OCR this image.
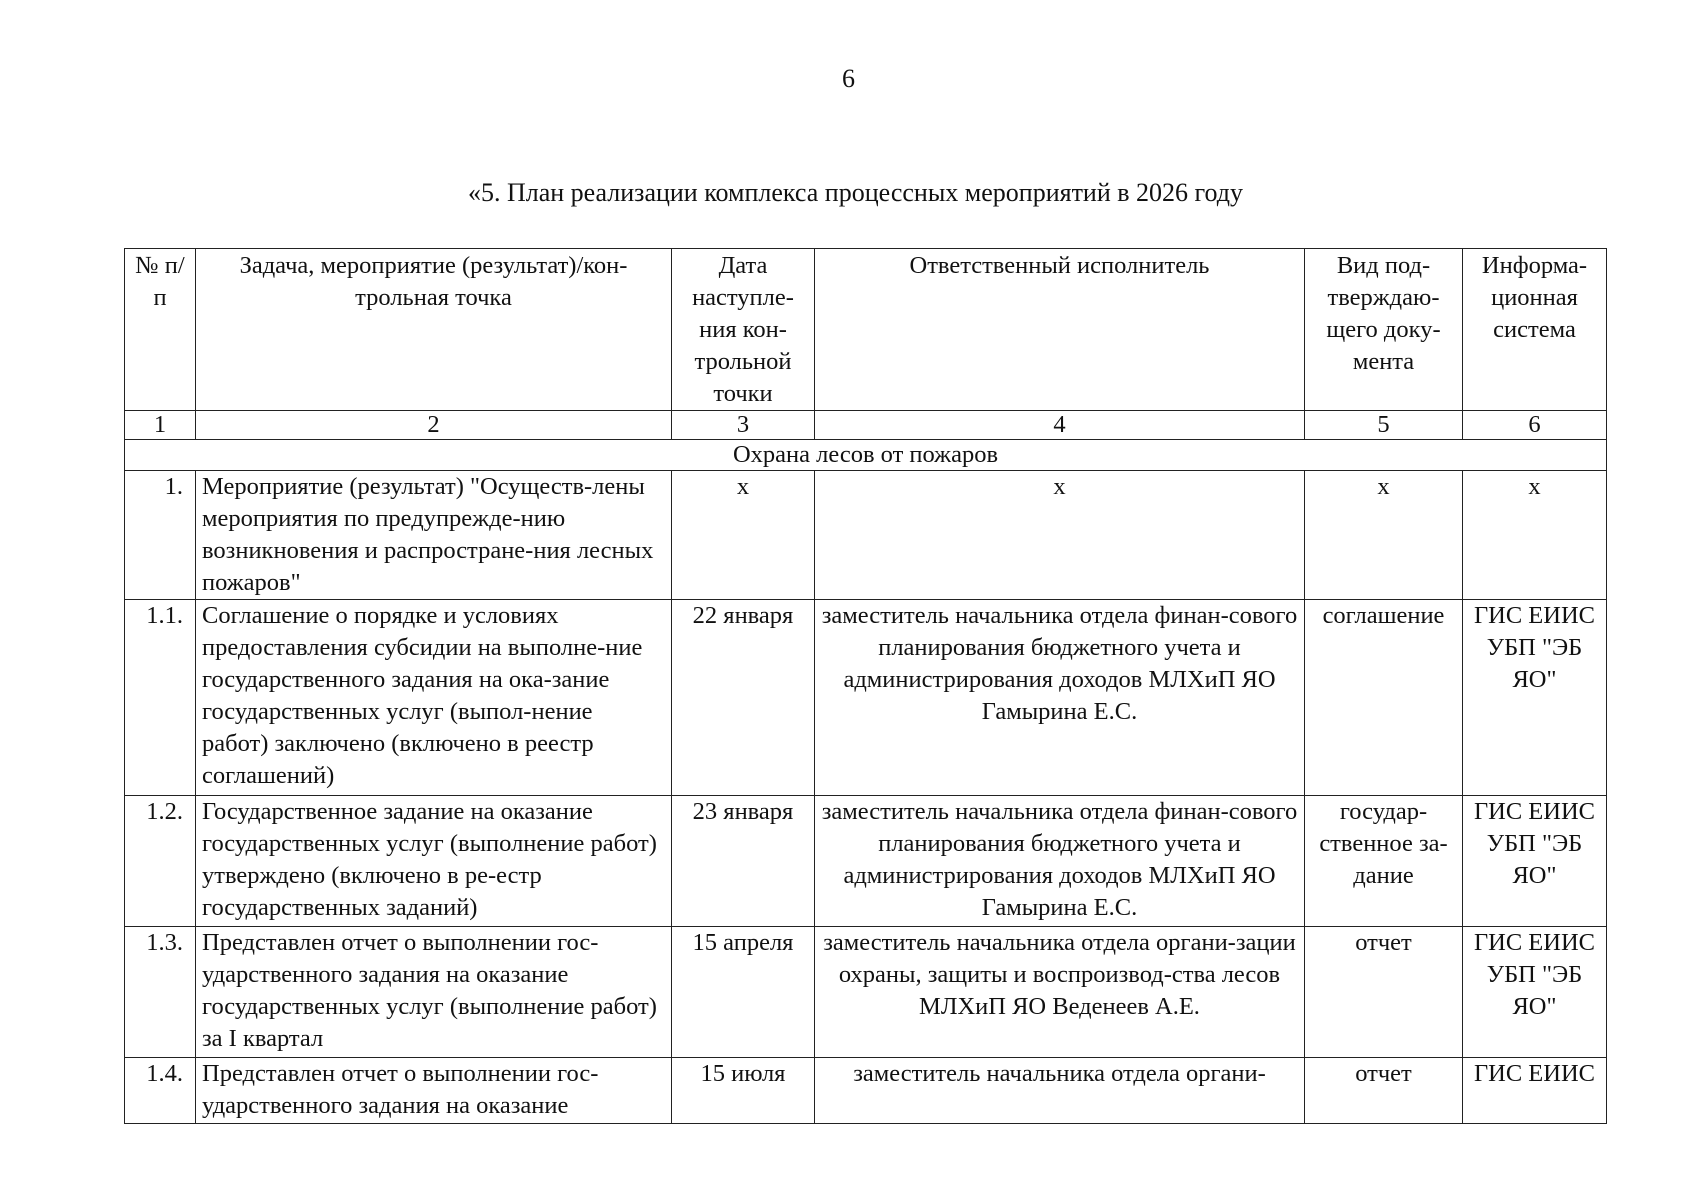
6
«5. План реализации комплекса процессных мероприятий в 2026 году
№ п/п	Задача, мероприятие (результат)/кон-трольная точка	Дата наступле-ния кон-трольной точки	Ответственный исполнитель	Вид под-тверждаю-щего доку-мента	Информа-ционная система
1	2	3	4	5	6
Охрана лесов от пожаров					
1.	Мероприятие (результат) "Осуществ-лены мероприятия по предупрежде-нию возникновения и распростране-ния лесных пожаров"	х	х	х	х
1.1.	Соглашение о порядке и условиях предоставления субсидии на выполне-ние государственного задания на ока-зание государственных услуг (выпол-нение работ) заключено (включено в реестр соглашений)	22 января	заместитель начальника отдела финан-сового планирования бюджетного учета и администрирования доходов МЛХиП ЯО Гамырина Е.С.	соглашение	ГИС ЕИИС УБП "ЭБ ЯО"
1.2.	Государственное задание на оказание государственных услуг (выполнение работ) утверждено (включено в ре-естр государственных заданий)	23 января	заместитель начальника отдела финан-сового планирования бюджетного учета и администрирования доходов МЛХиП ЯО Гамырина Е.С.	государ-ственное за-дание	ГИС ЕИИС УБП "ЭБ ЯО"
1.3.	Представлен отчет о выполнении гос-ударственного задания на оказание государственных услуг (выполнение работ) за I квартал	15 апреля	заместитель начальника отдела органи-зации охраны, защиты и воспроизвод-ства лесов МЛХиП ЯО Веденеев А.Е.	отчет	ГИС ЕИИС УБП "ЭБ ЯО"
1.4.	Представлен отчет о выполнении гос-ударственного задания на оказание	15 июля	заместитель начальника отдела органи-	отчет	ГИС ЕИИС
